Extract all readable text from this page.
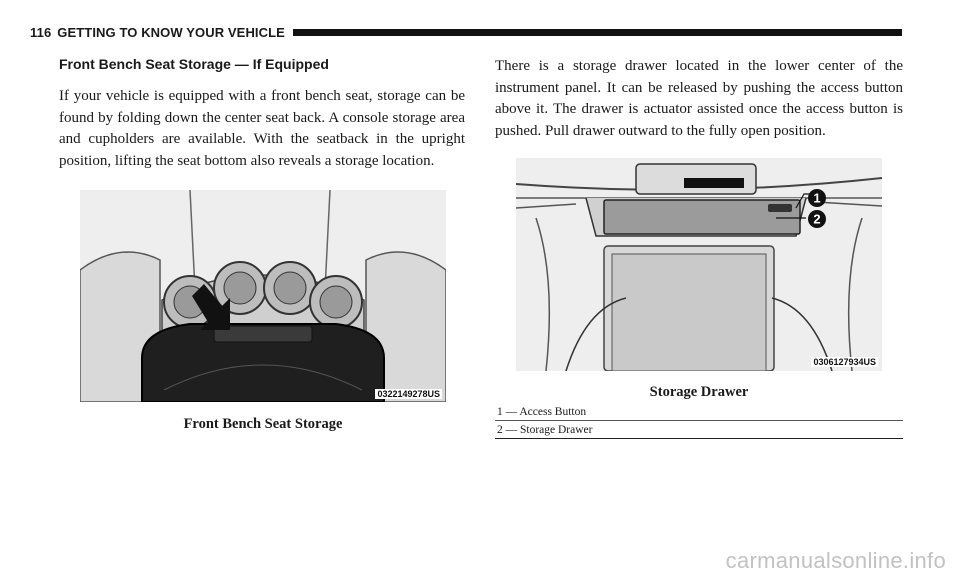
116 GETTING TO KNOW YOUR VEHICLE
Front Bench Seat Storage — If Equipped
If your vehicle is equipped with a front bench seat, storage can be found by folding down the center seat back. A console storage area and cupholders are available. With the seatback in the upright position, lifting the seat bottom also reveals a storage location.
0322149278US
Front Bench Seat Storage
There is a storage drawer located in the lower center of the instrument panel. It can be released by pushing the access button above it. The drawer is actuator assisted once the access button is pushed. Pull drawer outward to the fully open position.
1
2
0306127934US
Storage Drawer
1 — Access Button
2 — Storage Drawer
carmanualsonline.info
